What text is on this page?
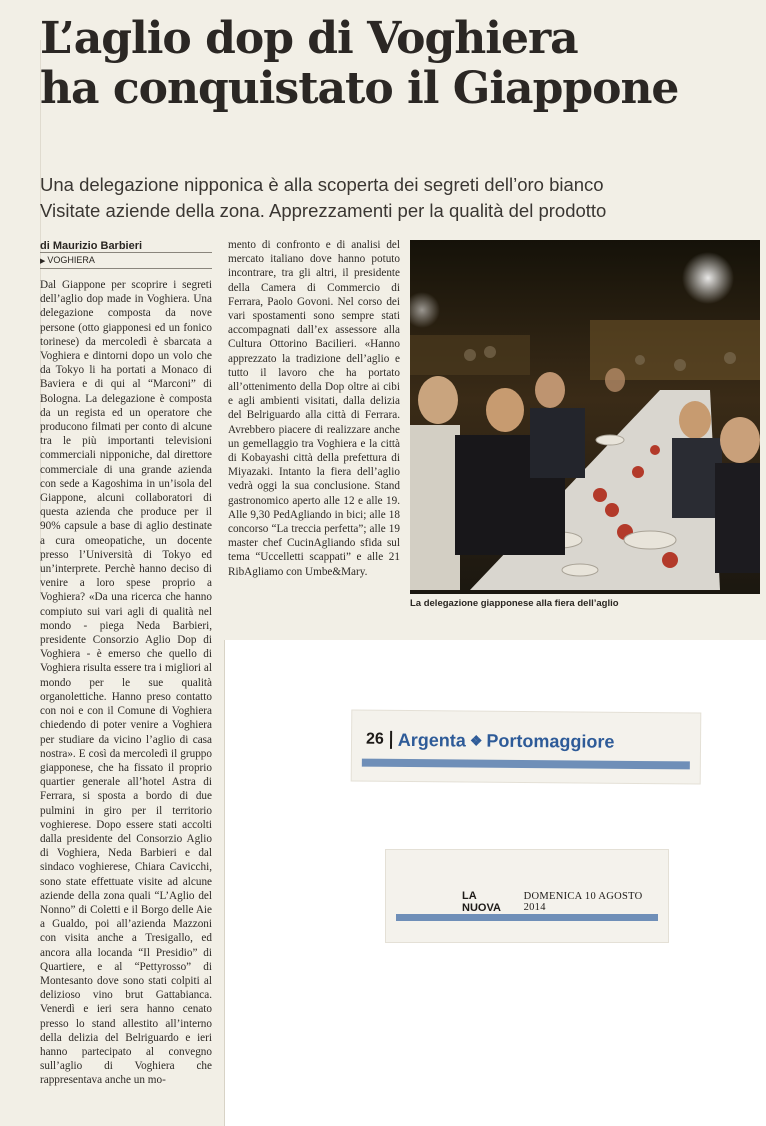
L’aglio dop di Voghiera
ha conquistato il Giappone
Una delegazione nipponica è alla scoperta dei segreti dell’oro bianco
Visitate aziende della zona. Apprezzamenti per la qualità del prodotto
di Maurizio Barbieri
▶ VOGHIERA
mento di confronto e di analisi del mercato italiano dove hanno potuto incontrare, tra gli altri, il presidente della Camera di Commercio di Ferrara, Paolo Govoni. Nel corso dei vari spostamenti sono sempre stati accompagnati dall’ex assessore alla Cultura Ottorino Bacilieri. «Hanno apprezzato la tradizione dell’aglio e tutto il lavoro che ha portato all’ottenimento della Dop oltre ai cibi e agli ambienti visitati, dalla delizia del Belriguardo alla città di Ferrara. Avrebbero piacere di realizzare anche un gemellaggio tra Voghiera e la città di Kobayashi città della prefettura di Miyazaki. Intanto la fiera dell’aglio vedrà oggi la sua conclusione. Stand gastronomico aperto alle 12 e alle 19. Alle 9,30 PedAgliando in bici; alle 18 concorso “La treccia perfetta”; alle 19 master chef CucinAgliando sfida sul tema “Uccelletti scappati” e alle 21 RibAgliamo con Umbe&Mary.
La delegazione giapponese alla fiera dell’aglio
Dal Giappone per scoprire i segreti dell’aglio dop made in Voghiera. Una delegazione composta da nove persone (otto giapponesi ed un fonico torinese) da mercoledì è sbarcata a Voghiera e dintorni dopo un volo che da Tokyo li ha portati a Monaco di Baviera e di qui al “Marconi” di Bologna. La delegazione è composta da un regista ed un operatore che producono filmati per conto di alcune tra le più importanti televisioni commerciali nipponiche, dal direttore commerciale di una grande azienda con sede a Kagoshima in un’isola del Giappone, alcuni collaboratori di questa azienda che produce per il 90% capsule a base di aglio destinate a cura omeopatiche, un docente presso l’Università di Tokyo ed un’interprete. Perchè hanno deciso di venire a loro spese proprio a Voghiera? «Da una ricerca che hanno compiuto sui vari agli di qualità nel mondo - piega Neda Barbieri, presidente Consorzio Aglio Dop di Voghiera - è emerso che quello di Voghiera risulta essere tra i migliori al mondo per le sue qualità organolettiche. Hanno preso contatto con noi e con il Comune di Voghiera chiedendo di poter venire a Voghiera per studiare da vicino l’aglio di casa nostra». E così da mercoledì il gruppo giapponese, che ha fissato il proprio quartier generale all’hotel Astra di Ferrara, si sposta a bordo di due pulmini in giro per il territorio voghierese. Dopo essere stati accolti dalla presidente del Consorzio Aglio di Voghiera, Neda Barbieri e dal sindaco voghierese, Chiara Cavicchi, sono state effettuate visite ad alcune aziende della zona quali “L’Aglio del Nonno” di Coletti e il Borgo delle Aie a Gualdo, poi all’azienda Mazzoni con visita anche a Tresigallo, ed ancora alla locanda “Il Presidio” di Quartiere, e al “Pettyrosso” di Montesanto dove sono stati colpiti al delizioso vino brut Gattabianca. Venerdì e ieri sera hanno cenato presso lo stand allestito all’interno della delizia del Belriguardo e ieri hanno partecipato al convegno sull’aglio di Voghiera che rappresentava anche un mo-
26 Argenta ❖ Portomaggiore
LA NUOVA
DOMENICA 10 AGOSTO 2014
